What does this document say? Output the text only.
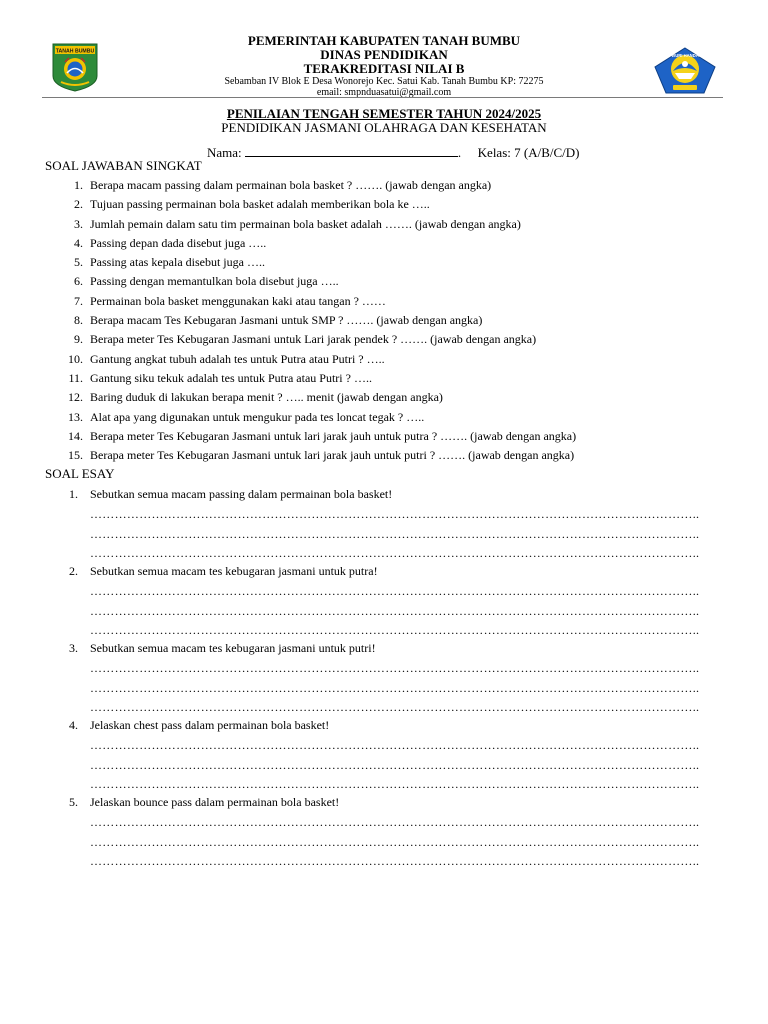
TANAH BUMBU
TUT WURI HANDAYANI
PEMERINTAH KABUPATEN TANAH BUMBU
DINAS PENDIDIKAN
TERAKREDITASI NILAI B
Sebamban IV Blok E Desa Wonorejo Kec. Satui Kab. Tanah Bumbu KP: 72275
email: smpnduasatui@gmail.com
PENILAIAN TENGAH SEMESTER TAHUN 2024/2025
PENDIDIKAN JASMANI OLAHRAGA DAN KESEHATAN
Nama:	. Kelas: 7 (A/B/C/D)
SOAL JAWABAN SINGKAT
1. Berapa macam passing dalam permainan bola basket ? ……. (jawab dengan angka)
2. Tujuan passing permainan bola basket adalah memberikan bola ke …..
3. Jumlah pemain dalam satu tim permainan bola basket adalah ……. (jawab dengan angka)
4. Passing depan dada disebut juga …..
5. Passing atas kepala disebut juga …..
6. Passing dengan memantulkan bola disebut juga …..
7. Permainan bola basket menggunakan kaki atau tangan ? ……
8. Berapa macam Tes Kebugaran Jasmani untuk SMP ? ……. (jawab dengan angka)
9. Berapa meter Tes Kebugaran Jasmani untuk Lari jarak pendek ? ……. (jawab dengan angka)
10. Gantung angkat tubuh adalah tes untuk Putra atau Putri ? …..
11. Gantung siku tekuk adalah tes untuk Putra atau Putri ? …..
12. Baring duduk di lakukan berapa menit ? ….. menit (jawab dengan angka)
13. Alat apa yang digunakan untuk mengukur pada tes loncat tegak ? …..
14. Berapa meter Tes Kebugaran Jasmani untuk lari jarak jauh untuk putra ? ……. (jawab dengan angka)
15. Berapa meter Tes Kebugaran Jasmani untuk lari jarak jauh untuk putri ? ……. (jawab dengan angka)
SOAL ESAY
1. Sebutkan semua macam passing dalam permainan bola basket!
…………………………………………………………………………………………………………………………………..
…………………………………………………………………………………………………………………………………..
…………………………………………………………………………………………………………………………………..
2. Sebutkan semua macam tes kebugaran jasmani untuk putra!
…………………………………………………………………………………………………………………………………..
…………………………………………………………………………………………………………………………………..
…………………………………………………………………………………………………………………………………..
3. Sebutkan semua macam tes kebugaran jasmani untuk putri!
…………………………………………………………………………………………………………………………………..
…………………………………………………………………………………………………………………………………..
…………………………………………………………………………………………………………………………………..
4. Jelaskan chest pass dalam permainan bola basket!
…………………………………………………………………………………………………………………………………..
…………………………………………………………………………………………………………………………………..
…………………………………………………………………………………………………………………………………..
5. Jelaskan bounce pass dalam permainan bola basket!
…………………………………………………………………………………………………………………………………..
…………………………………………………………………………………………………………………………………..
…………………………………………………………………………………………………………………………………..
